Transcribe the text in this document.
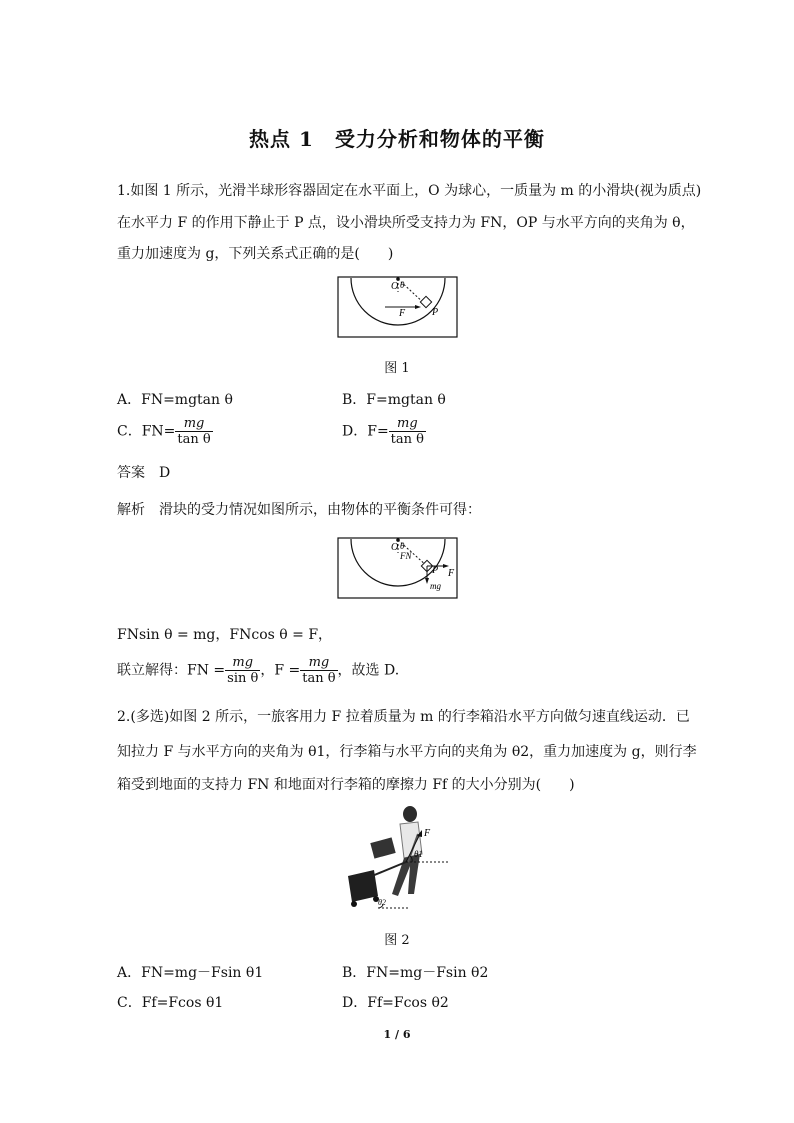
热点 1　受力分析和物体的平衡
1.如图 1 所示，光滑半球形容器固定在水平面上，O 为球心，一质量为 m 的小滑块(视为质点)
在水平力 F 的作用下静止于 P 点，设小滑块所受支持力为 FN，OP 与水平方向的夹角为 θ，
重力加速度为 g，下列关系式正确的是(　　)
O θ
F	P
图 1
A．FN=mgtan θ	B．F=mgtan θ
C．$FN= \frac{mg}{\text{tan θ}}$	D．$F= \frac{mg}{\text{tan θ}}$
答案　D
解析　滑块的受力情况如图所示，由物体的平衡条件可得：
O θ
FN
P F
mg
FNsin θ = mg，FNcos θ = F，
联立解得：FN = $\frac{mg}{\text{sin θ}}$ ，$F = \frac{mg}{\text{tan θ}}$ ，故选 D.
2.(多选)如图 2 所示，一旅客用力 F 拉着质量为 m 的行李箱沿水平方向做匀速直线运动．已
知拉力 F 与水平方向的夹角为 θ1，行李箱与水平方向的夹角为 θ2，重力加速度为 g，则行李
箱受到地面的支持力 FN 和地面对行李箱的摩擦力 Ff 的大小分别为(　　)
F
θ1
θ2
图 2
A．FN=mg－Fsin θ1	B．FN=mg－Fsin θ2
C．Ff=Fcos θ1	D．Ff=Fcos θ2
1 / 6
